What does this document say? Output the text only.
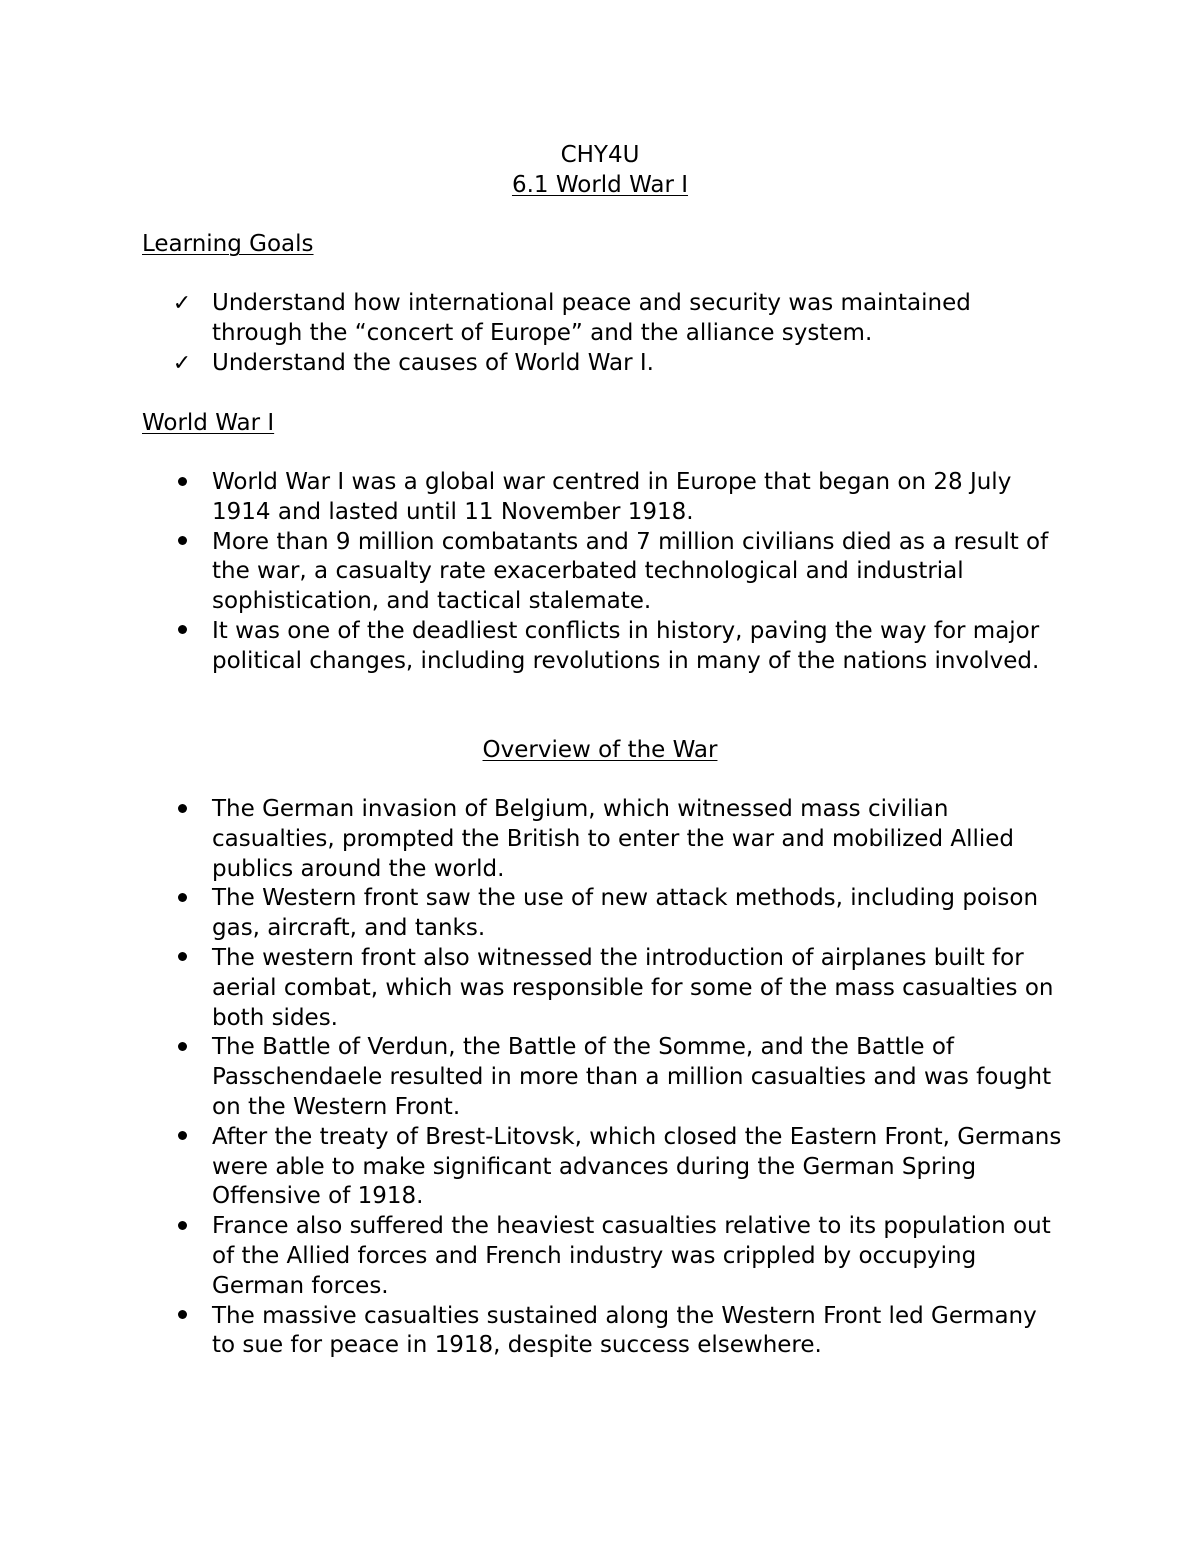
CHY4U
6.1 World War I
Learning Goals
✓ Understand how international peace and security was maintained through the “concert of Europe” and the alliance system.
✓ Understand the causes of World War I.
World War I
World War I was a global war centred in Europe that began on 28 July 1914 and lasted until 11 November 1918.
More than 9 million combatants and 7 million civilians died as a result of the war, a casualty rate exacerbated technological and industrial sophistication, and tactical stalemate.
It was one of the deadliest conflicts in history, paving the way for major political changes, including revolutions in many of the nations involved.
Overview of the War
The German invasion of Belgium, which witnessed mass civilian casualties, prompted the British to enter the war and mobilized Allied publics around the world.
The Western front saw the use of new attack methods, including poison gas, aircraft, and tanks.
The western front also witnessed the introduction of airplanes built for aerial combat, which was responsible for some of the mass casualties on both sides.
The Battle of Verdun, the Battle of the Somme, and the Battle of Passchendaele resulted in more than a million casualties and was fought on the Western Front.
After the treaty of Brest-Litovsk, which closed the Eastern Front, Germans were able to make significant advances during the German Spring Offensive of 1918.
France also suffered the heaviest casualties relative to its population out of the Allied forces and French industry was crippled by occupying German forces.
The massive casualties sustained along the Western Front led Germany to sue for peace in 1918, despite success elsewhere.
